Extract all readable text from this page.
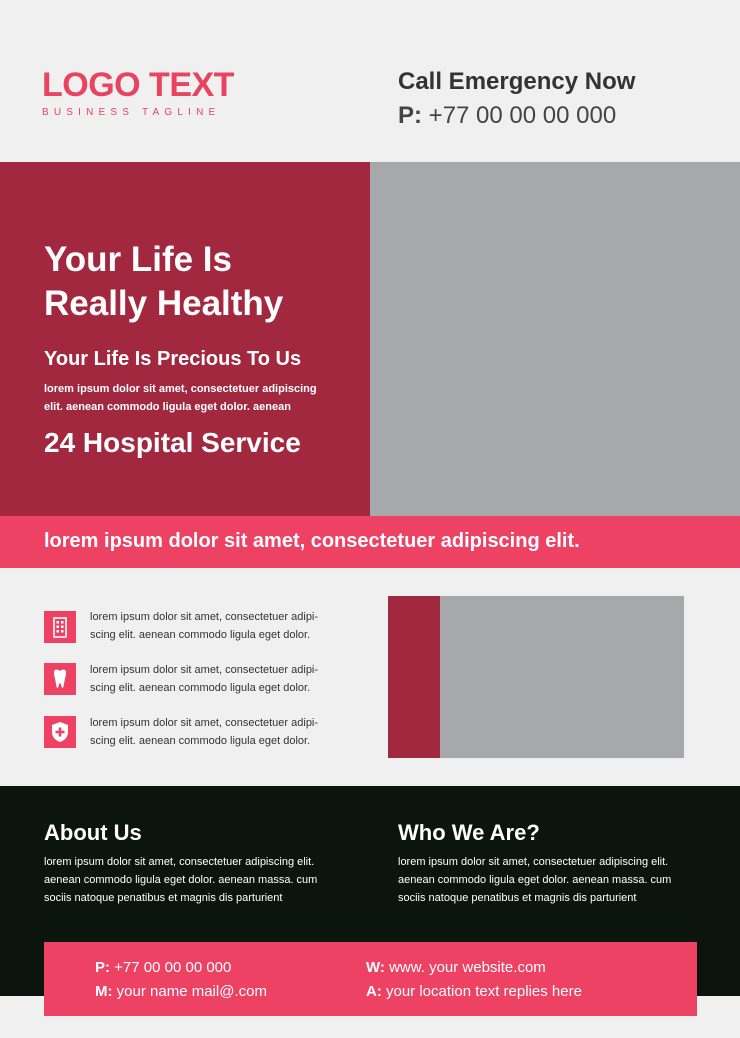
LOGO TEXT
BUSINESS TAGLINE
Call Emergency Now
P: +77 00 00 00 000
Your Life Is
Really Healthy
Your Life Is Precious To Us
lorem ipsum dolor sit amet, consectetuer adipiscing
elit. aenean commodo ligula eget dolor. aenean
24 Hospital Service
lorem ipsum dolor sit amet, consectetuer adipiscing elit.
lorem ipsum dolor sit amet, consectetuer adipi-
scing elit. aenean commodo ligula eget dolor.
lorem ipsum dolor sit amet, consectetuer adipi-
scing elit. aenean commodo ligula eget dolor.
lorem ipsum dolor sit amet, consectetuer adipi-
scing elit. aenean commodo ligula eget dolor.
About Us
lorem ipsum dolor sit amet, consectetuer adipiscing elit.
aenean commodo ligula eget dolor. aenean massa. cum
sociis natoque penatibus et magnis dis parturient
Who We Are?
lorem ipsum dolor sit amet, consectetuer adipiscing elit.
aenean commodo ligula eget dolor. aenean massa. cum
sociis natoque penatibus et magnis dis parturient
P: +77 00 00 00 000
M: your name mail@.com
W: www. your website.com
A: your location text replies here
